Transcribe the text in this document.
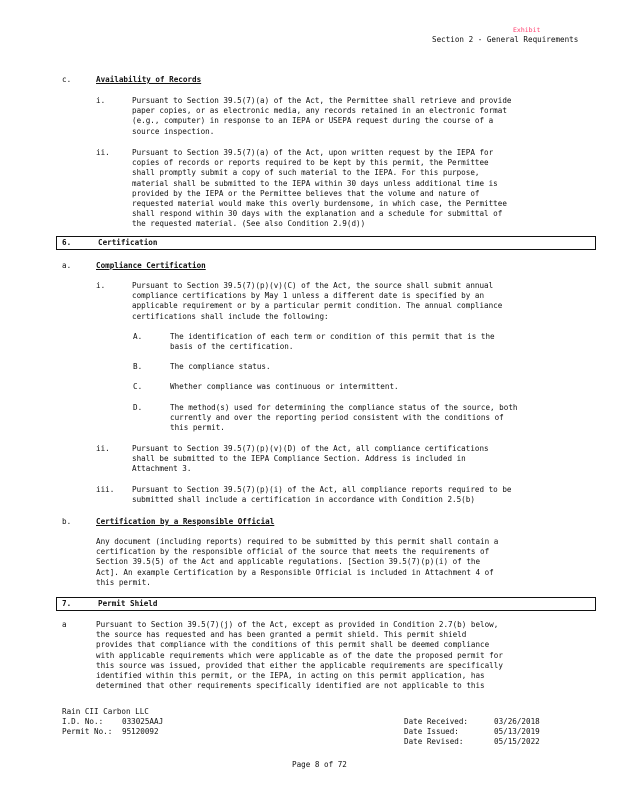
Exhibit
Section 2 - General Requirements
c.	Availability of Records
i.	Pursuant to Section 39.5(7)(a) of the Act, the Permittee shall retrieve and provide
paper copies, or as electronic media, any records retained in an electronic format
(e.g., computer) in response to an IEPA or USEPA request during the course of a
source inspection.
ii.	Pursuant to Section 39.5(7)(a) of the Act, upon written request by the IEPA for
copies of records or reports required to be kept by this permit, the Permittee
shall promptly submit a copy of such material to the IEPA. For this purpose,
material shall be submitted to the IEPA within 30 days unless additional time is
provided by the IEPA or the Permittee believes that the volume and nature of
requested material would make this overly burdensome, in which case, the Permittee
shall respond within 30 days with the explanation and a schedule for submittal of
the requested material. (See also Condition 2.9(d))
6.	Certification
a.	Compliance Certification
i.	Pursuant to Section 39.5(7)(p)(v)(C) of the Act, the source shall submit annual
compliance certifications by May 1 unless a different date is specified by an
applicable requirement or by a particular permit condition. The annual compliance
certifications shall include the following:
A.	The identification of each term or condition of this permit that is the
basis of the certification.
B.	The compliance status.
C.	Whether compliance was continuous or intermittent.
D.	The method(s) used for determining the compliance status of the source, both
currently and over the reporting period consistent with the conditions of
this permit.
ii.	Pursuant to Section 39.5(7)(p)(v)(D) of the Act, all compliance certifications
shall be submitted to the IEPA Compliance Section. Address is included in
Attachment 3.
iii. Pursuant to Section 39.5(7)(p)(i) of the Act, all compliance reports required to be
submitted shall include a certification in accordance with Condition 2.5(b)
b.	Certification by a Responsible Official
Any document (including reports) required to be submitted by this permit shall contain a
certification by the responsible official of the source that meets the requirements of
Section 39.5(5) of the Act and applicable regulations. [Section 39.5(7)(p)(i) of the
Act]. An example Certification by a Responsible Official is included in Attachment 4 of
this permit.
7.	Permit Shield
a	Pursuant to Section 39.5(7)(j) of the Act, except as provided in Condition 2.7(b) below,
the source has requested and has been granted a permit shield. This permit shield
provides that compliance with the conditions of this permit shall be deemed compliance
with applicable requirements which were applicable as of the date the proposed permit for
this source was issued, provided that either the applicable requirements are specifically
identified within this permit, or the IEPA, in acting on this permit application, has
determined that other requirements specifically identified are not applicable to this
Rain CII Carbon LLC
I.D. No.: 033025AAJ
Permit No.: 95120092
Date Received:	03/26/2018
Date Issued:	05/13/2019
Date Revised:	05/15/2022
Page 8 of 72
